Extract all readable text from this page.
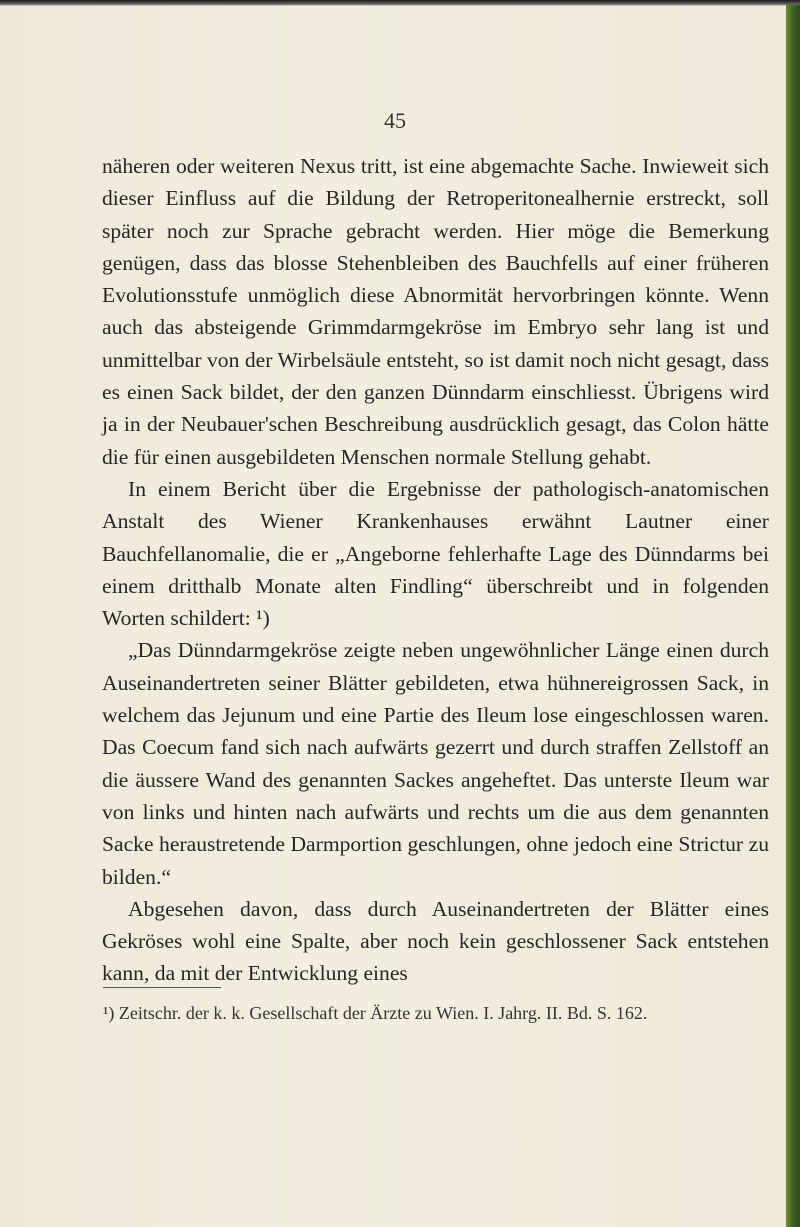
45

näheren oder weiteren Nexus tritt, ist eine abgemachte Sache. Inwieweit sich dieser Einfluss auf die Bildung der Retroperitonealhernie erstreckt, soll später noch zur Sprache gebracht werden. Hier möge die Bemerkung genügen, dass das blosse Stehenbleiben des Bauchfells auf einer früheren Evolutionsstufe unmöglich diese Abnormität hervorbringen könnte. Wenn auch das absteigende Grimmdarmgekröse im Embryo sehr lang ist und unmittelbar von der Wirbelsäule entsteht, so ist damit noch nicht gesagt, dass es einen Sack bildet, der den ganzen Dünndarm einschliesst. Übrigens wird ja in der Neubauer'schen Beschreibung ausdrücklich gesagt, das Colon hätte die für einen ausgebildeten Menschen normale Stellung gehabt.

In einem Bericht über die Ergebnisse der pathologisch-anatomischen Anstalt des Wiener Krankenhauses erwähnt Lautner einer Bauchfellanomalie, die er „Angeborne fehlerhafte Lage des Dünndarms bei einem dritthalb Monate alten Findling“ überschreibt und in folgenden Worten schildert: ¹)

„Das Dünndarmgekröse zeigte neben ungewöhnlicher Länge einen durch Auseinandertreten seiner Blätter gebildeten, etwa hühnereigrossen Sack, in welchem das Jejunum und eine Partie des Ileum lose eingeschlossen waren. Das Coecum fand sich nach aufwärts gezerrt und durch straffen Zellstoff an die äussere Wand des genannten Sackes angeheftet. Das unterste Ileum war von links und hinten nach aufwärts und rechts um die aus dem genannten Sacke heraustretende Darmportion geschlungen, ohne jedoch eine Strictur zu bilden.“

Abgesehen davon, dass durch Auseinandertreten der Blätter eines Gekröses wohl eine Spalte, aber noch kein geschlossener Sack entstehen kann, da mit der Entwicklung eines

¹) Zeitschr. der k. k. Gesellschaft der Ärzte zu Wien. I. Jahrg. II. Bd. S. 162.
